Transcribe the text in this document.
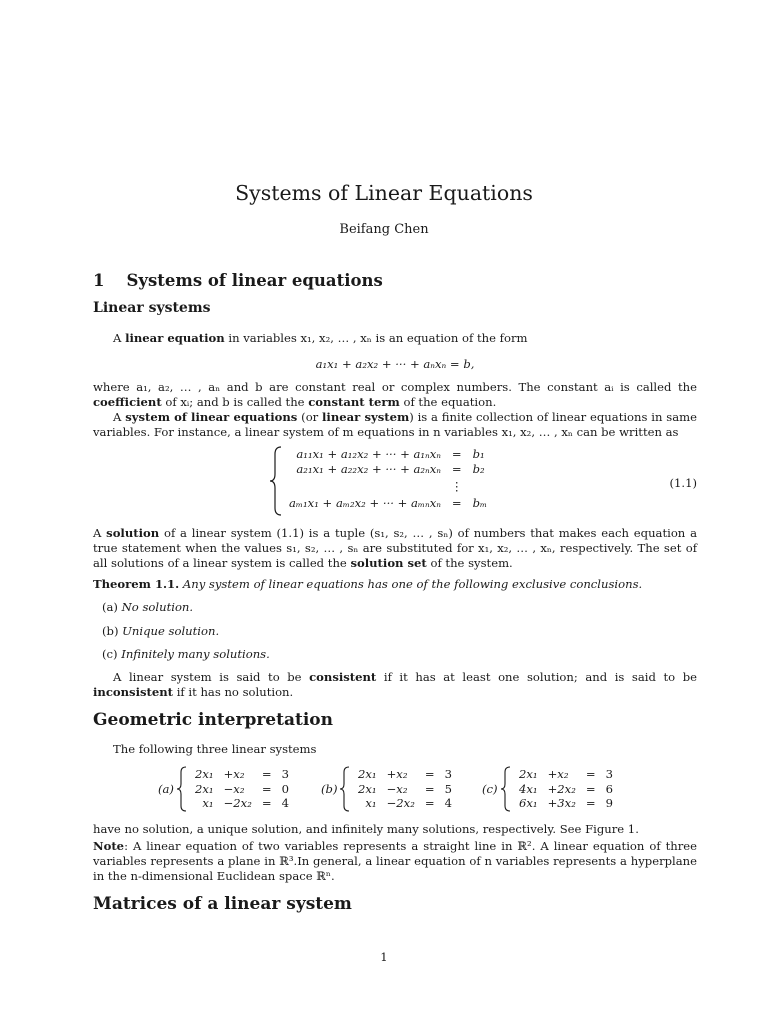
Systems of Linear Equations
Beifang Chen
1 Systems of linear equations
Linear systems
A linear equation in variables x₁, x₂, … , xₙ is an equation of the form
a₁x₁ + a₂x₂ + ··· + aₙxₙ = b,
where a₁, a₂, … , aₙ and b are constant real or complex numbers. The constant aᵢ is called the coefficient of xᵢ; and b is called the constant term of the equation.
A system of linear equations (or linear system) is a finite collection of linear equations in same variables. For instance, a linear system of m equations in n variables x₁, x₂, … , xₙ can be written as
a₁₁x₁ + a₁₂x₂ + ··· + a₁ₙxₙ	=	b₁
a₂₁x₁ + a₂₂x₂ + ··· + a₂ₙxₙ	=	b₂
	⋮	
aₘ₁x₁ + aₘ₂x₂ + ··· + aₘₙxₙ	=	bₘ
(1.1)
A solution of a linear system (1.1) is a tuple (s₁, s₂, … , sₙ) of numbers that makes each equation a true statement when the values s₁, s₂, … , sₙ are substituted for x₁, x₂, … , xₙ, respectively. The set of all solutions of a linear system is called the solution set of the system.
Theorem 1.1. Any system of linear equations has one of the following exclusive conclusions.
(a) No solution.
(b) Unique solution.
(c) Infinitely many solutions.
A linear system is said to be consistent if it has at least one solution; and is said to be inconsistent if it has no solution.
Geometric interpretation
The following three linear systems
(a)
2x₁	+x₂	=	3
2x₁	−x₂	=	0
x₁	−2x₂	=	4
(b)
2x₁	+x₂	=	3
2x₁	−x₂	=	5
x₁	−2x₂	=	4
(c)
2x₁	+x₂	=	3
4x₁	+2x₂	=	6
6x₁	+3x₂	=	9
have no solution, a unique solution, and infinitely many solutions, respectively. See Figure 1.
Note: A linear equation of two variables represents a straight line in ℝ². A linear equation of three variables represents a plane in ℝ³.In general, a linear equation of n variables represents a hyperplane in the n-dimensional Euclidean space ℝⁿ.
Matrices of a linear system
1
